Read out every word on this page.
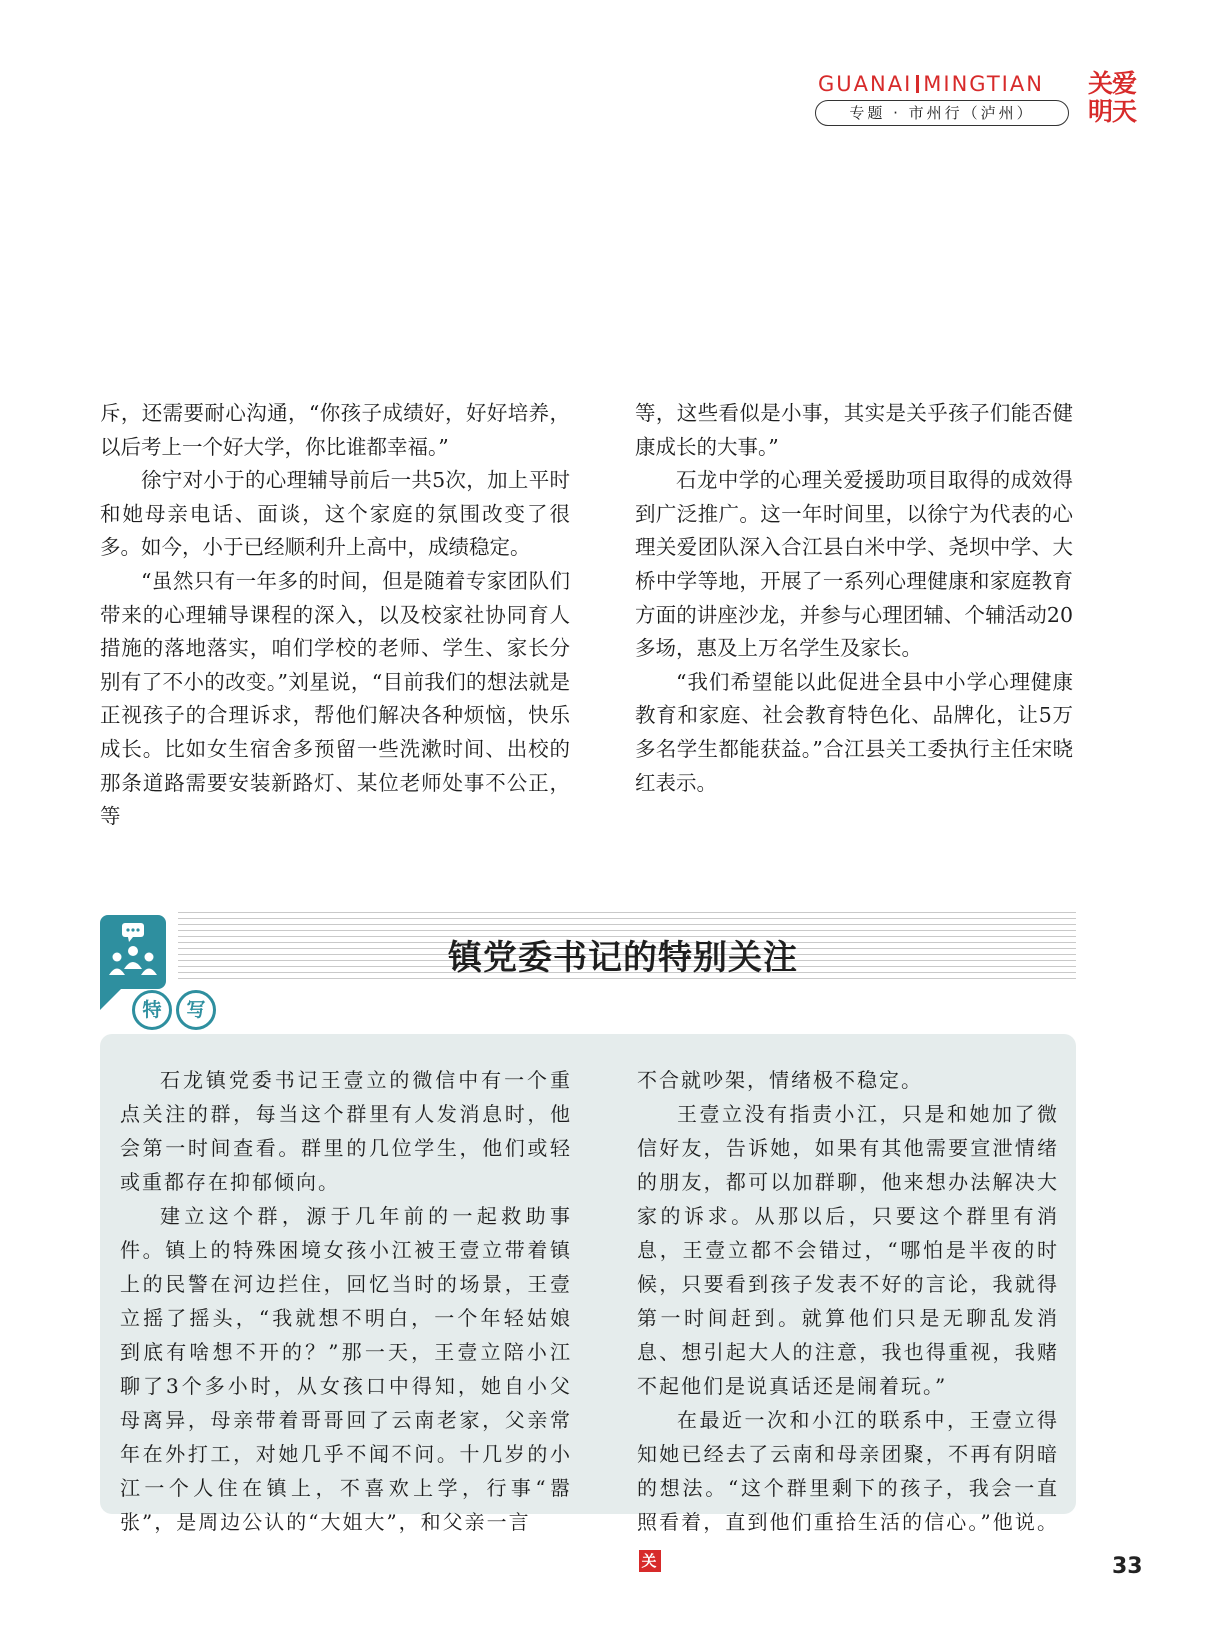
GUANAI MINGTIAN
专题 · 市州行（泸州）
关爱
明天

斥，还需要耐心沟通，“你孩子成绩好，好好培养，以后考上一个好大学，你比谁都幸福。”

徐宁对小于的心理辅导前后一共5次，加上平时和她母亲电话、面谈，这个家庭的氛围改变了很多。如今，小于已经顺利升上高中，成绩稳定。

“虽然只有一年多的时间，但是随着专家团队们带来的心理辅导课程的深入，以及校家社协同育人措施的落地落实，咱们学校的老师、学生、家长分别有了不小的改变。”刘星说，“目前我们的想法就是正视孩子的合理诉求，帮他们解决各种烦恼，快乐成长。比如女生宿舍多预留一些洗漱时间、出校的那条道路需要安装新路灯、某位老师处事不公正，等

等，这些看似是小事，其实是关乎孩子们能否健康成长的大事。”

石龙中学的心理关爱援助项目取得的成效得到广泛推广。这一年时间里，以徐宁为代表的心理关爱团队深入合江县白米中学、尧坝中学、大桥中学等地，开展了一系列心理健康和家庭教育方面的讲座沙龙，并参与心理团辅、个辅活动20多场，惠及上万名学生及家长。

“我们希望能以此促进全县中小学心理健康教育和家庭、社会教育特色化、品牌化，让5万多名学生都能获益。”合江县关工委执行主任宋晓红表示。

特 写
镇党委书记的特别关注

石龙镇党委书记王壹立的微信中有一个重点关注的群，每当这个群里有人发消息时，他会第一时间查看。群里的几位学生，他们或轻或重都存在抑郁倾向。

建立这个群，源于几年前的一起救助事件。镇上的特殊困境女孩小江被王壹立带着镇上的民警在河边拦住，回忆当时的场景，王壹立摇了摇头，“我就想不明白，一个年轻姑娘到底有啥想不开的？”那一天，王壹立陪小江聊了3个多小时，从女孩口中得知，她自小父母离异，母亲带着哥哥回了云南老家，父亲常年在外打工，对她几乎不闻不问。十几岁的小江一个人住在镇上，不喜欢上学，行事“嚣张”，是周边公认的“大姐大”，和父亲一言

不合就吵架，情绪极不稳定。

王壹立没有指责小江，只是和她加了微信好友，告诉她，如果有其他需要宣泄情绪的朋友，都可以加群聊，他来想办法解决大家的诉求。从那以后，只要这个群里有消息，王壹立都不会错过，“哪怕是半夜的时候，只要看到孩子发表不好的言论，我就得第一时间赶到。就算他们只是无聊乱发消息、想引起大人的注意，我也得重视，我赌不起他们是说真话还是闹着玩。”

在最近一次和小江的联系中，王壹立得知她已经去了云南和母亲团聚，不再有阴暗的想法。“这个群里剩下的孩子，我会一直照看着，直到他们重拾生活的信心。”他说。关	33
